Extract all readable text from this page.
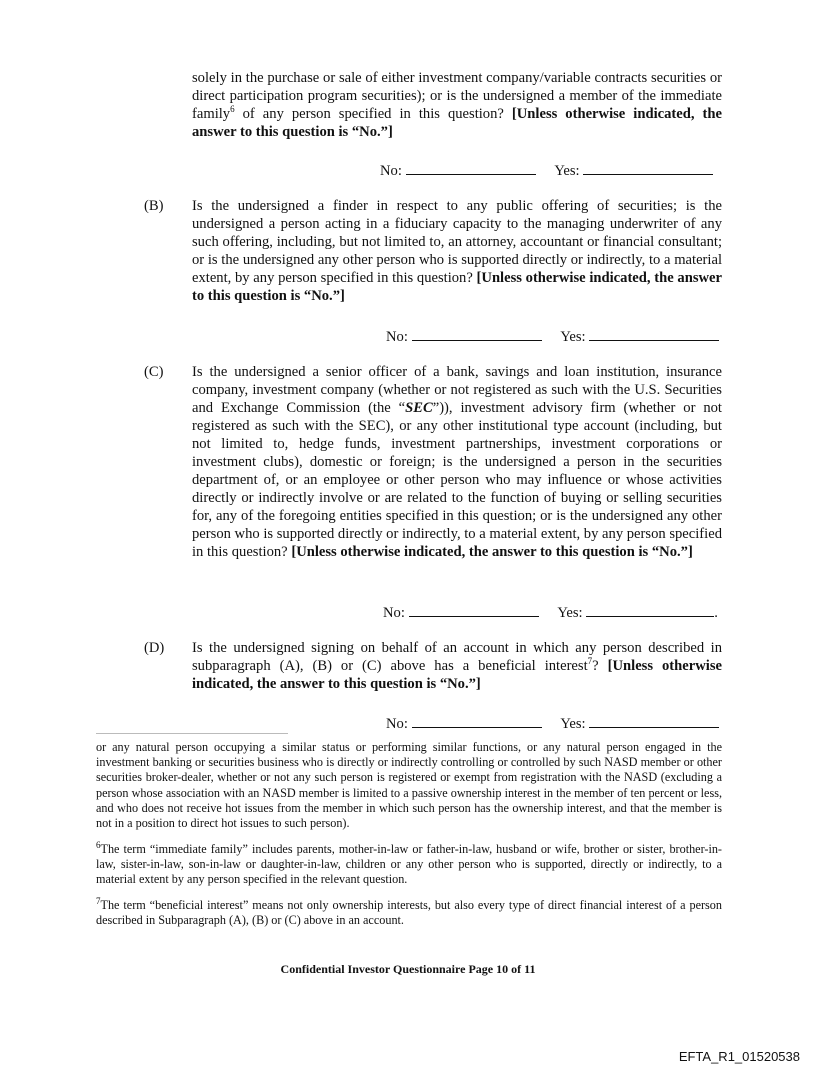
solely in the purchase or sale of either investment company/variable contracts securities or direct participation program securities); or is the undersigned a member of the immediate family$^6$ of any person specified in this question? [Unless otherwise indicated, the answer to this question is “No.”]
No:	Yes:
(B)	Is the undersigned a finder in respect to any public offering of securities; is the undersigned a person acting in a fiduciary capacity to the managing underwriter of any such offering, including, but not limited to, an attorney, accountant or financial consultant; or is the undersigned any other person who is supported directly or indirectly, to a material extent, by any person specified in this question? [Unless otherwise indicated, the answer to this question is “No.”]
No:	Yes:
(C)	Is the undersigned a senior officer of a bank, savings and loan institution, insurance company, investment company (whether or not registered as such with the U.S. Securities and Exchange Commission (the “SEC”)), investment advisory firm (whether or not registered as such with the SEC), or any other institutional type account (including, but not limited to, hedge funds, investment partnerships, investment corporations or investment clubs), domestic or foreign; is the undersigned a person in the securities department of, or an employee or other person who may influence or whose activities directly or indirectly involve or are related to the function of buying or selling securities for, any of the foregoing entities specified in this question; or is the undersigned any other person who is supported directly or indirectly, to a material extent, by any person specified in this question? [Unless otherwise indicated, the answer to this question is “No.”]
No:	Yes:	.
(D)	Is the undersigned signing on behalf of an account in which any person described in subparagraph (A), (B) or (C) above has a beneficial interest$^7$? [Unless otherwise indicated, the answer to this question is “No.”]
No:	Yes:
or any natural person occupying a similar status or performing similar functions, or any natural person engaged in the investment banking or securities business who is directly or indirectly controlling or controlled by such NASD member or other securities broker-dealer, whether or not any such person is registered or exempt from registration with the NASD (excluding a person whose association with an NASD member is limited to a passive ownership interest in the member of ten percent or less, and who does not receive hot issues from the member in which such person has the ownership interest, and that the member is not in a position to direct hot issues to such person).
$^6$The term “immediate family” includes parents, mother-in-law or father-in-law, husband or wife, brother or sister, brother-in-law, sister-in-law, son-in-law or daughter-in-law, children or any other person who is supported, directly or indirectly, to a material extent by any person specified in the relevant question.
$^7$The term “beneficial interest” means not only ownership interests, but also every type of direct financial interest of a person described in Subparagraph (A), (B) or (C) above in an account.
Confidential Investor Questionnaire Page 10 of 11
EFTA_R1_01520538
